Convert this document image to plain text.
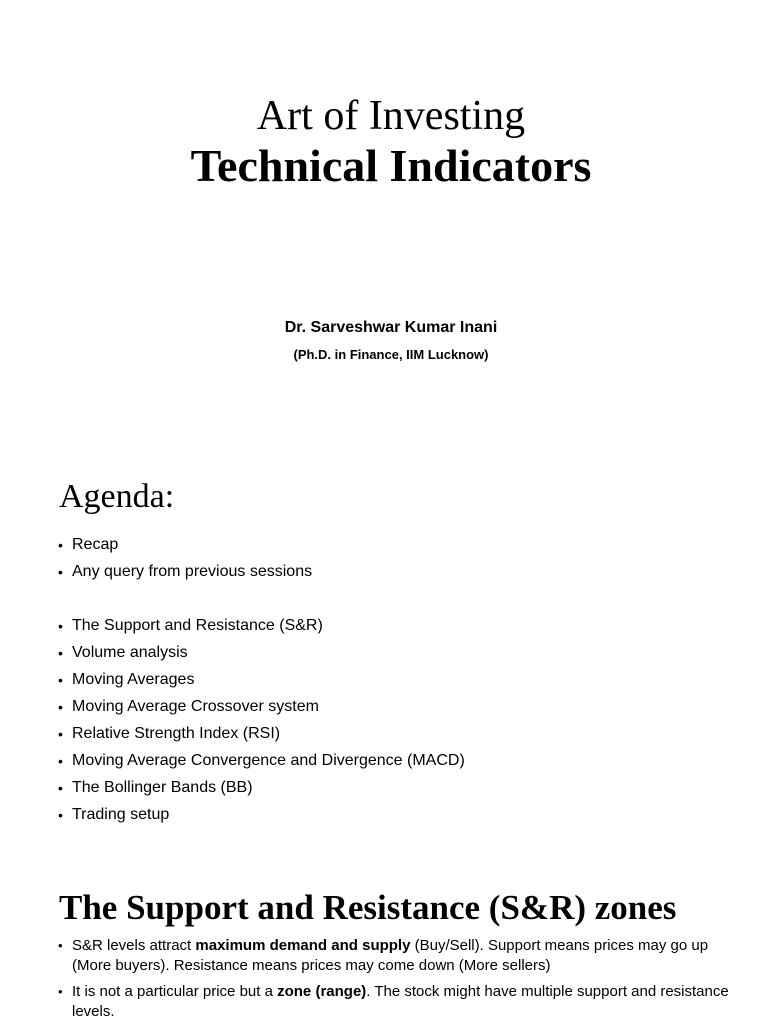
Art of Investing
Technical Indicators
Dr. Sarveshwar Kumar Inani
(Ph.D. in Finance, IIM Lucknow)
Agenda:
• Recap
• Any query from previous sessions
• The Support and Resistance (S&R)
• Volume analysis
• Moving Averages
• Moving Average Crossover system
• Relative Strength Index (RSI)
• Moving Average Convergence and Divergence (MACD)
• The Bollinger Bands (BB)
• Trading setup
The Support and Resistance (S&R) zones
• S&R levels attract maximum demand and supply (Buy/Sell). Support means prices may go up (More buyers). Resistance means prices may come down (More sellers)
• It is not a particular price but a zone (range). The stock might have multiple support and resistance levels.
